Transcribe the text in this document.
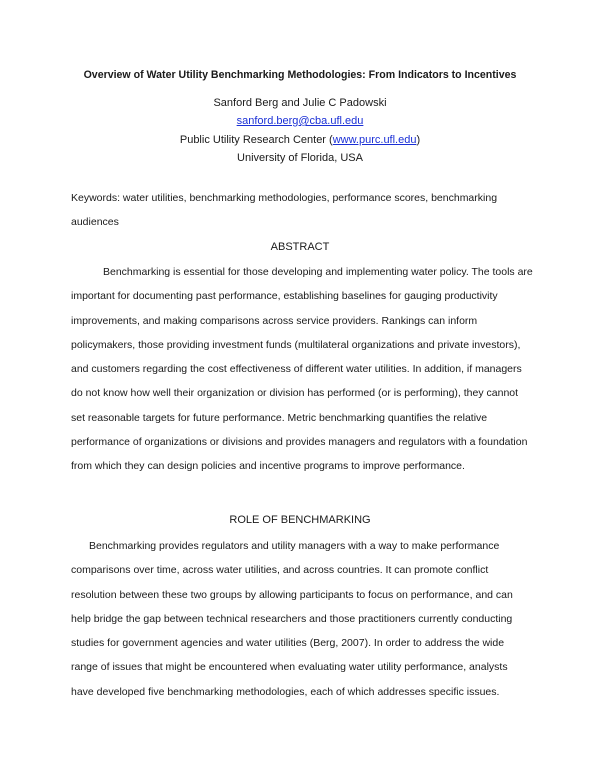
Overview of Water Utility Benchmarking Methodologies: From Indicators to Incentives
Sanford Berg and Julie C Padowski
sanford.berg@cba.ufl.edu
Public Utility Research Center (www.purc.ufl.edu)
University of Florida, USA
Keywords: water utilities, benchmarking methodologies, performance scores, benchmarking audiences
ABSTRACT
Benchmarking is essential for those developing and implementing water policy. The tools are important for documenting past performance, establishing baselines for gauging productivity improvements, and making comparisons across service providers. Rankings can inform policymakers, those providing investment funds (multilateral organizations and private investors), and customers regarding the cost effectiveness of different water utilities. In addition, if managers do not know how well their organization or division has performed (or is performing), they cannot set reasonable targets for future performance. Metric benchmarking quantifies the relative performance of organizations or divisions and provides managers and regulators with a foundation from which they can design policies and incentive programs to improve performance.
ROLE OF BENCHMARKING
Benchmarking provides regulators and utility managers with a way to make performance comparisons over time, across water utilities, and across countries. It can promote conflict resolution between these two groups by allowing participants to focus on performance, and can help bridge the gap between technical researchers and those practitioners currently conducting studies for government agencies and water utilities (Berg, 2007). In order to address the wide range of issues that might be encountered when evaluating water utility performance, analysts have developed five benchmarking methodologies, each of which addresses specific issues.
